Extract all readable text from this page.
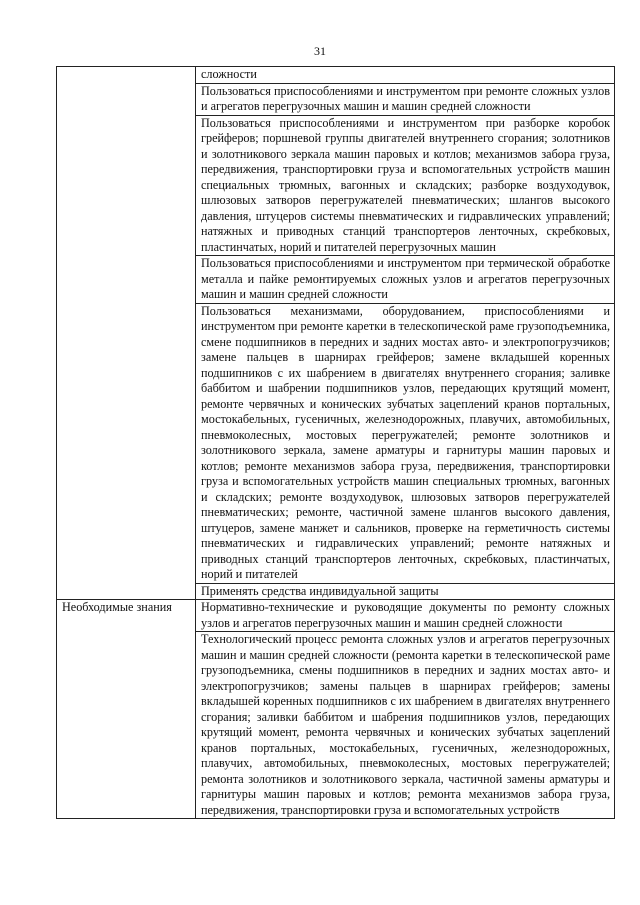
31
	сложности
	Пользоваться приспособлениями и инструментом при ремонте сложных узлов и агрегатов перегрузочных машин и машин средней сложности
	Пользоваться приспособлениями и инструментом при разборке коробок грейферов; поршневой группы двигателей внутреннего сгорания; золотников и золотникового зеркала машин паровых и котлов; механизмов забора груза, передвижения, транспортировки груза и вспомогательных устройств машин специальных трюмных, вагонных и складских; разборке воздуходувок, шлюзовых затворов перегружателей пневматических; шлангов высокого давления, штуцеров системы пневматических и гидравлических управлений; натяжных и приводных станций транспортеров ленточных, скребковых, пластинчатых, норий и питателей перегрузочных машин
	Пользоваться приспособлениями и инструментом при термической обработке металла и пайке ремонтируемых сложных узлов и агрегатов перегрузочных машин и машин средней сложности
	Пользоваться механизмами, оборудованием, приспособлениями и инструментом при ремонте каретки в телескопической раме грузоподъемника, смене подшипников в передних и задних мостах авто- и электропогрузчиков; замене пальцев в шарнирах грейферов; замене вкладышей коренных подшипников с их шабрением в двигателях внутреннего сгорания; заливке баббитом и шабрении подшипников узлов, передающих крутящий момент, ремонте червячных и конических зубчатых зацеплений кранов портальных, мостокабельных, гусеничных, железнодорожных, плавучих, автомобильных, пневмоколесных, мостовых перегружателей; ремонте золотников и золотникового зеркала, замене арматуры и гарнитуры машин паровых и котлов; ремонте механизмов забора груза, передвижения, транспортировки груза и вспомогательных устройств машин специальных трюмных, вагонных и складских; ремонте воздуходувок, шлюзовых затворов перегружателей пневматических; ремонте, частичной замене шлангов высокого давления, штуцеров, замене манжет и сальников, проверке на герметичность системы пневматических и гидравлических управлений; ремонте натяжных и приводных станций транспортеров ленточных, скребковых, пластинчатых, норий и питателей
	Применять средства индивидуальной защиты
Необходимые знания	Нормативно-технические и руководящие документы по ремонту сложных узлов и агрегатов перегрузочных машин и машин средней сложности
	Технологический процесс ремонта сложных узлов и агрегатов перегрузочных машин и машин средней сложности (ремонта каретки в телескопической раме грузоподъемника, смены подшипников в передних и задних мостах авто- и электропогрузчиков; замены пальцев в шарнирах грейферов; замены вкладышей коренных подшипников с их шабрением в двигателях внутреннего сгорания; заливки баббитом и шабрения подшипников узлов, передающих крутящий момент, ремонта червячных и конических зубчатых зацеплений кранов портальных, мостокабельных, гусеничных, железнодорожных, плавучих, автомобильных, пневмоколесных, мостовых перегружателей; ремонта золотников и золотникового зеркала, частичной замены арматуры и гарнитуры машин паровых и котлов; ремонта механизмов забора груза, передвижения, транспортировки груза и вспомогательных устройств
